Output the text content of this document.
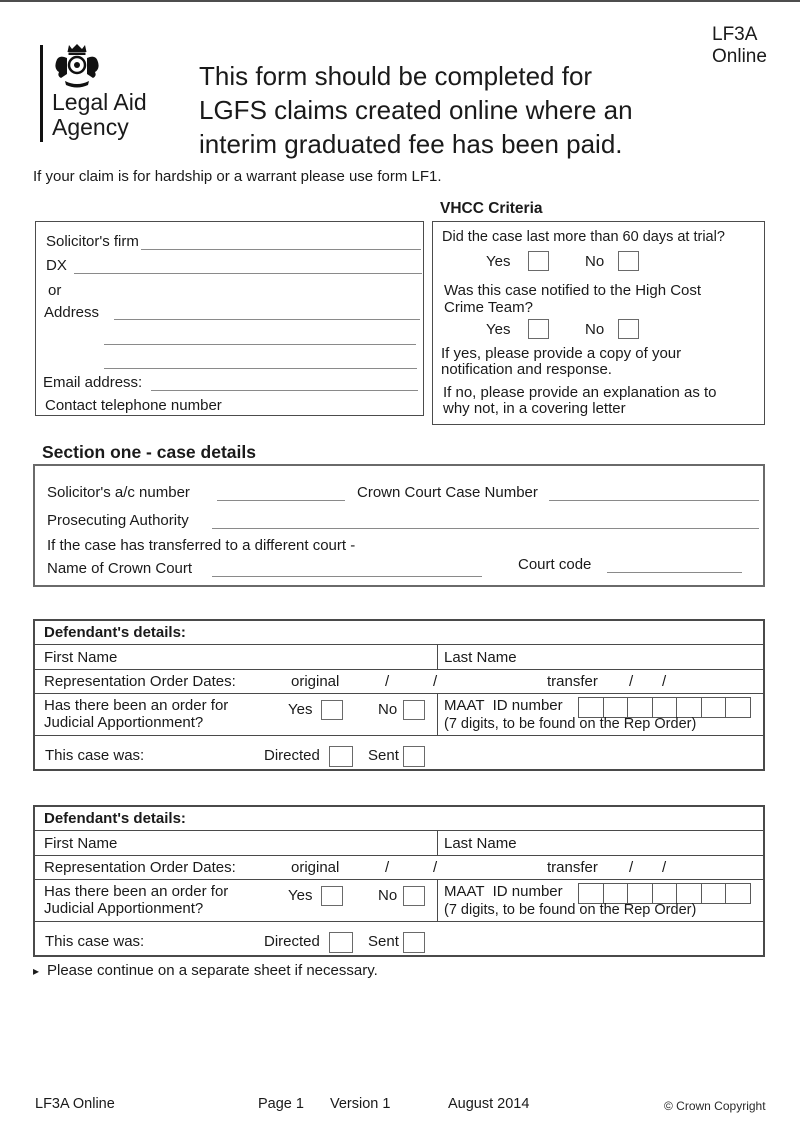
Legal Aid
Agency
This form should be completed for
LGFS claims created online where an
interim graduated fee has been paid.
LF3A
Online
If your claim is for hardship or a warrant please use form LF1.
Solicitor's firm
DX
or
Address
Email address:
Contact telephone number
VHCC Criteria
Did the case last more than 60 days at trial?
Yes	No
Was this case notified to the High Cost
Crime Team?
Yes	No
If yes, please provide a copy of your
notification and response.
If no, please provide an explanation as to
why not, in a covering letter
Section one - case details
Solicitor's a/c number	Crown Court Case Number
Prosecuting Authority
If the case has transferred to a different court -
Name of Crown Court	Court code
Defendant's details:
First Name	Last Name
Representation Order Dates:	original	/	/	transfer / /
Has there been an order for
Judicial Apportionment?
Yes	No	MAAT  ID number
(7 digits, to be found on the Rep Order)
This case was:	Directed	Sent
Defendant's details:
First Name	Last Name
Representation Order Dates:	original	/	/	transfer / /
Has there been an order for
Judicial Apportionment?
Yes	No	MAAT  ID number
(7 digits, to be found on the Rep Order)
This case was:	Directed	Sent
▸ Please continue on a separate sheet if necessary.
LF3A Online	Page 1 Version 1	August 2014	© Crown Copyright
